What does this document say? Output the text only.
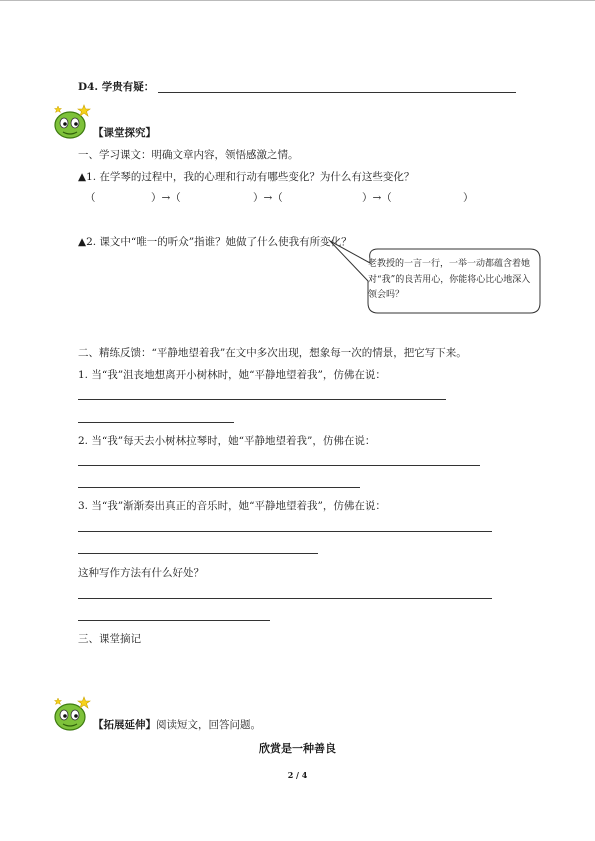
D4. 学贵有疑：
【课堂探究】
一、学习课文：明确文章内容，领悟感激之情。
▲1. 在学琴的过程中，我的心理和行动有哪些变化？为什么有这些变化？
（	）→（	）→（	）→（	）
▲2. 课文中“唯一的听众”指谁？她做了什么使我有所变化？
老教授的一言一行，一举一动都蕴含着她对“我”的良苦用心，你能将心比心地深入领会吗？
二、精练反馈：“平静地望着我”在文中多次出现，想象每一次的情景，把它写下来。
1. 当“我”沮丧地想离开小树林时，她“平静地望着我”，仿佛在说：
2. 当“我”每天去小树林拉琴时，她“平静地望着我”，仿佛在说：
3. 当“我”渐渐奏出真正的音乐时，她“平静地望着我”，仿佛在说：
这种写作方法有什么好处？
三、课堂摘记
【拓展延伸】阅读短文，回答问题。
欣赏是一种善良
2 / 4
